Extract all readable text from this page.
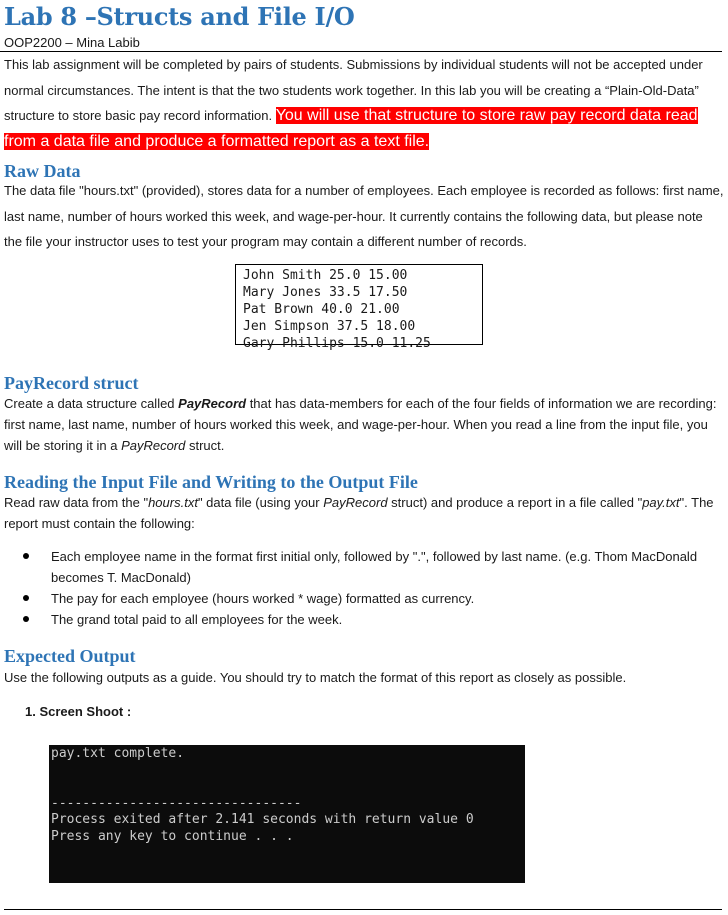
Lab 8 –Structs and File I/O
OOP2200 – Mina Labib

This lab assignment will be completed by pairs of students. Submissions by individual students will not be accepted under normal circumstances. The intent is that the two students work together. In this lab you will be creating a “Plain-Old-Data” structure to store basic pay record information. You will use that structure to store raw pay record data read from a data file and produce a formatted report as a text file.

Raw Data

The data file "hours.txt" (provided), stores data for a number of employees. Each employee is recorded as follows: first name, last name, number of hours worked this week, and wage-per-hour. It currently contains the following data, but please note the file your instructor uses to test your program may contain a different number of records.

John Smith 25.0 15.00
Mary Jones 33.5 17.50
Pat Brown 40.0 21.00
Jen Simpson 37.5 18.00
Gary Phillips 15.0 11.25
PayRecord struct

Create a data structure called PayRecord that has data-members for each of the four fields of information we are recording: first name, last name, number of hours worked this week, and wage-per-hour. When you read a line from the input file, you will be storing it in a PayRecord struct.

Reading the Input File and Writing to the Output File

Read raw data from the "hours.txt" data file (using your PayRecord struct) and produce a report in a file called "pay.txt". The report must contain the following:

Each employee name in the format first initial only, followed by ".", followed by last name. (e.g. Thom MacDonald becomes T. MacDonald)
The pay for each employee (hours worked * wage) formatted as currency.
The grand total paid to all employees for the week.
Expected Output

Use the following outputs as a guide. You should try to match the format of this report as closely as possible.

1. Screen Shoot :
pay.txt complete.
--------------------------------
Process exited after 2.141 seconds with return value 0
Press any key to continue . . .
